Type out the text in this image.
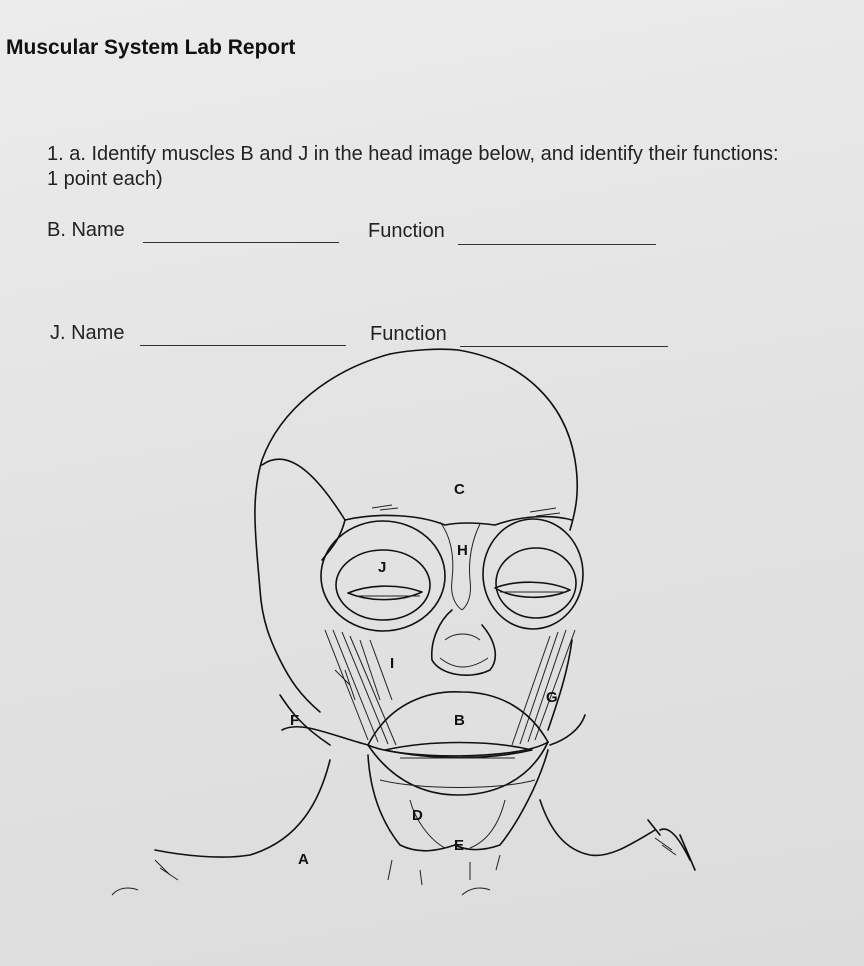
Muscular System Lab Report
1. a. Identify muscles B and J in the head image below, and identify their functions:
1 point each)
B. Name	Function
J. Name	Function
A
B
C
D
E
F
G
H
I
J
